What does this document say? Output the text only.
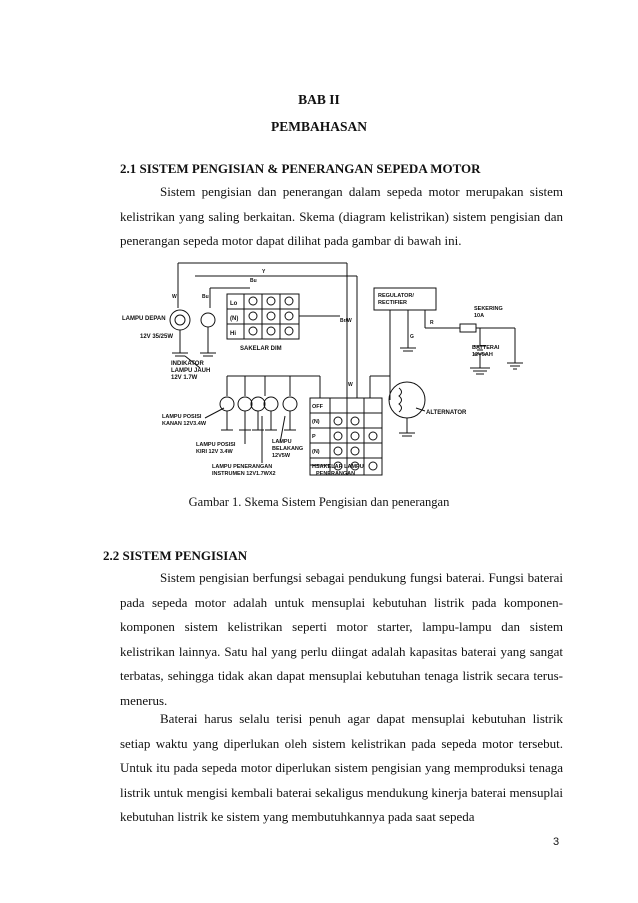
BAB II
PEMBAHASAN
2.1 SISTEM PENGISIAN & PENERANGAN SEPEDA MOTOR
Sistem pengisian dan penerangan dalam sepeda motor merupakan sistem kelistrikan yang saling berkaitan. Skema (diagram kelistrikan) sistem pengisian dan penerangan sepeda motor dapat dilihat pada gambar di bawah ini.
LAMPU DEPAN
12V 35/25W
INDIKATOR
LAMPU JAUH
12V 1.7W
SAKELAR DIM
Lo
(N)
Hi
Bu
W
Y
Bu
W
Br/W
G
R
REGULATOR/
RECTIFIER
SEKERING
10A
BATTERAI
12V5AH
ALTERNATOR
LAMPU POSISI
KANAN 12V3.4W
LAMPU POSISI
KIRI 12V 3.4W
LAMPU
BELAKANG
12V5W
LAMPU PENERANGAN
INSTRUMEN 12V1.7WX2
SAKELAR LAMPU
PENERANGAN
OFF
(N)
P
(N)
H
Gambar 1. Skema Sistem Pengisian dan penerangan
2.2 SISTEM PENGISIAN
Sistem pengisian berfungsi sebagai pendukung fungsi baterai. Fungsi baterai pada sepeda motor adalah untuk mensuplai kebutuhan listrik pada komponen-komponen sistem kelistrikan seperti motor starter, lampu-lampu dan sistem kelistrikan lainnya. Satu hal yang perlu diingat adalah kapasitas baterai yang sangat terbatas, sehingga tidak akan dapat mensuplai kebutuhan tenaga listrik secara terus-menerus.
Baterai harus selalu terisi penuh agar dapat mensuplai kebutuhan listrik setiap waktu yang diperlukan oleh sistem kelistrikan pada sepeda motor tersebut. Untuk itu pada sepeda motor diperlukan sistem pengisian yang memproduksi tenaga listrik untuk mengisi kembali baterai sekaligus mendukung kinerja baterai mensuplai kebutuhan listrik ke sistem yang membutuhkannya pada saat sepeda
3
